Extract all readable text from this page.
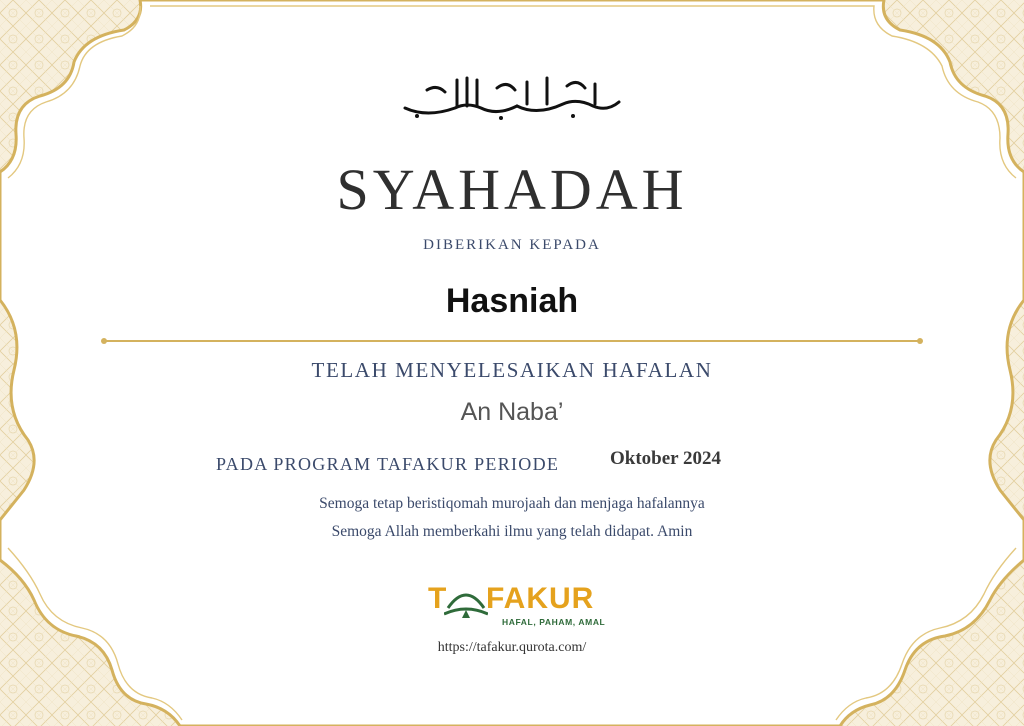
SYAHADAH
DIBERIKAN KEPADA
Hasniah
TELAH MENYELESAIKAN HAFALAN
An Naba’
PADA PROGRAM TAFAKUR PERIODE	Oktober 2024
Semoga tetap beristiqomah murojaah dan menjaga hafalannya
Semoga Allah memberkahi ilmu yang telah didapat. Amin
T FAKUR
HAFAL, PAHAM, AMAL
https://tafakur.qurota.com/
